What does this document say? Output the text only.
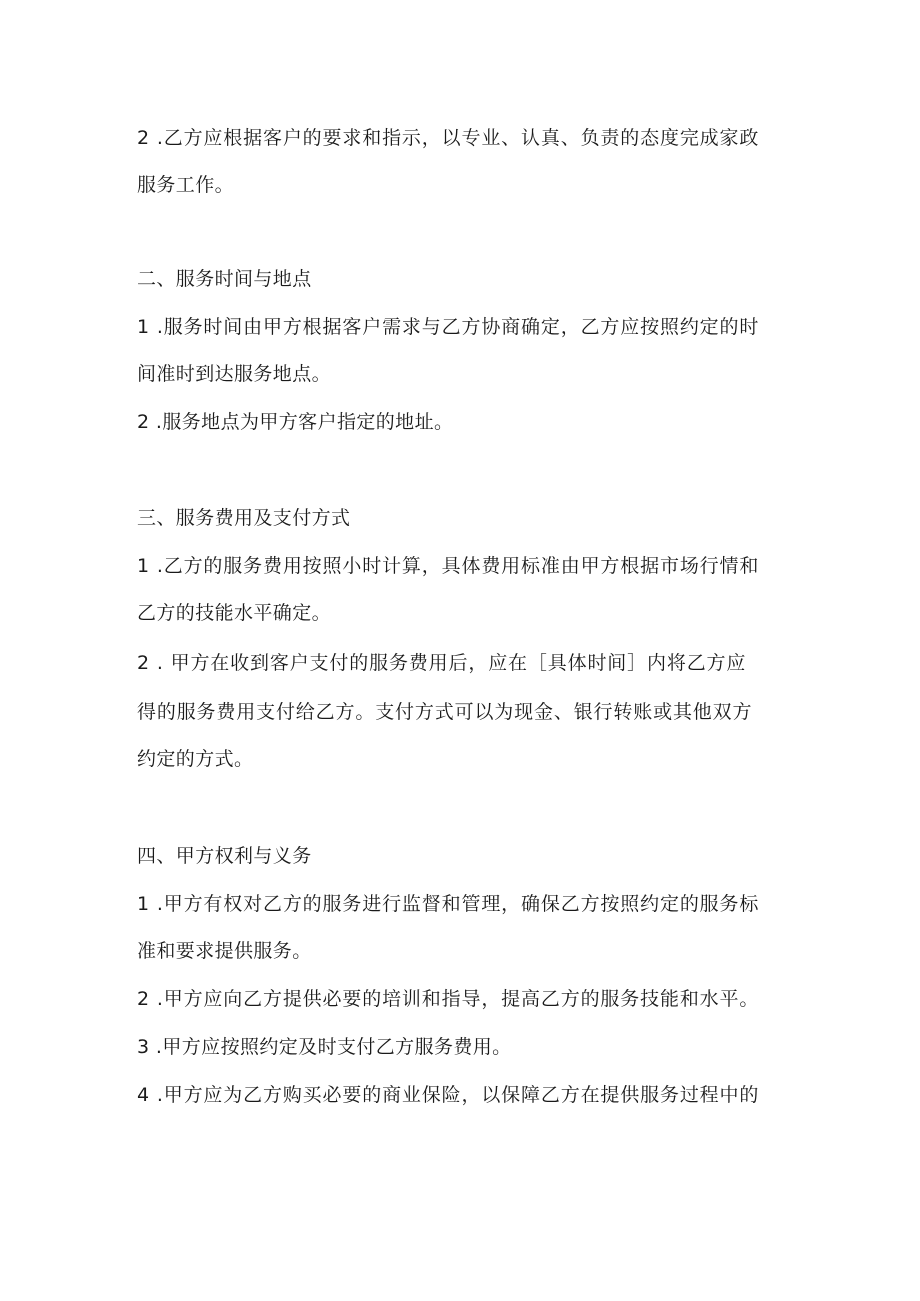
2 .乙方应根据客户的要求和指示，以专业、认真、负责的态度完成家政
服务工作。
二、服务时间与地点
1 .服务时间由甲方根据客户需求与乙方协商确定，乙方应按照约定的时
间准时到达服务地点。
2 .服务地点为甲方客户指定的地址。
三、服务费用及支付方式
1 .乙方的服务费用按照小时计算，具体费用标准由甲方根据市场行情和
乙方的技能水平确定。
2 . 甲方在收到客户支付的服务费用后，应在［具体时间］内将乙方应
得的服务费用支付给乙方。支付方式可以为现金、银行转账或其他双方
约定的方式。
四、甲方权利与义务
1 .甲方有权对乙方的服务进行监督和管理，确保乙方按照约定的服务标
准和要求提供服务。
2 .甲方应向乙方提供必要的培训和指导，提高乙方的服务技能和水平。
3 .甲方应按照约定及时支付乙方服务费用。
4 .甲方应为乙方购买必要的商业保险，以保障乙方在提供服务过程中的
